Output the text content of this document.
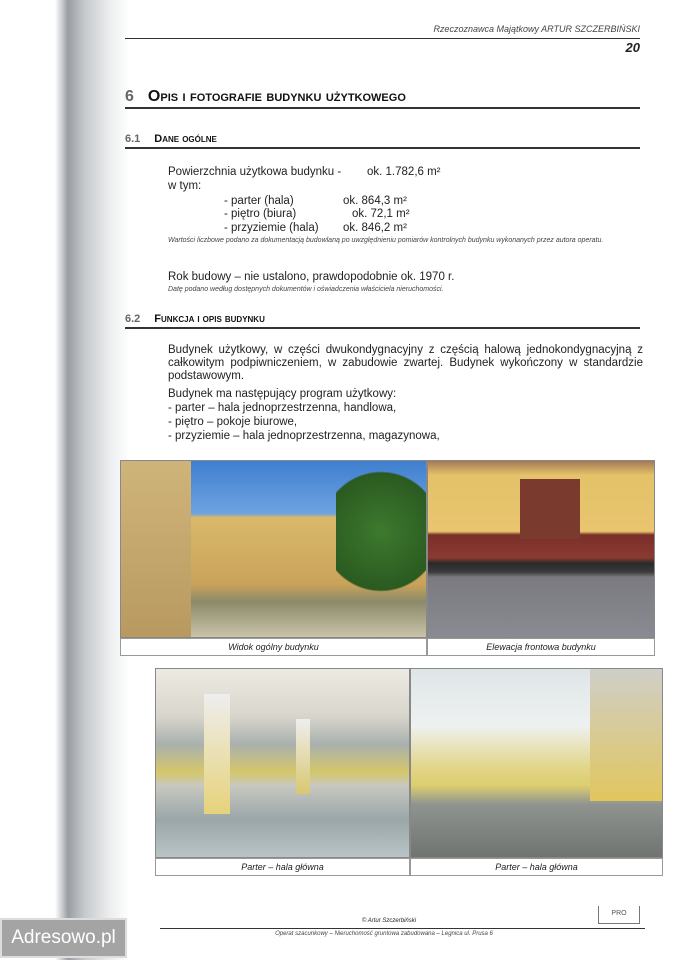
Rzeczoznawca Majątkowy ARTUR SZCZERBIŃSKI
20
6 Opis i fotografie budynku użytkowego
6.1 Dane ogólne
Powierzchnia użytkowa budynku - ok. 1.782,6 m²
w tym:
- parter (hala)	ok. 864,3 m²
- piętro (biura)	ok. 72,1 m²
- przyziemie (hala) ok. 846,2 m²
Wartości liczbowe podano za dokumentacją budowlaną po uwzględnieniu pomiarów kontrolnych budynku wykonanych przez autora operatu.
Rok budowy – nie ustalono, prawdopodobnie ok. 1970 r.
Datę podano według dostępnych dokumentów i oświadczenia właściciela nieruchomości.
6.2 Funkcja i opis budynku
Budynek użytkowy, w części dwukondygnacyjny z częścią halową jednokondygnacyjną z całkowitym podpiwniczeniem, w zabudowie zwartej. Budynek wykończony w standardzie podstawowym.
Budynek ma następujący program użytkowy:
- parter – hala jednoprzestrzenna, handlowa,
- piętro – pokoje biurowe,
- przyziemie – hala jednoprzestrzenna, magazynowa,
Widok ogólny budynku	Elewacja frontowa budynku
Parter – hala główna	Parter – hala główna
PRO
© Artur Szczerbiński
Operat szacunkowy – Nieruchomość gruntowa zabudowana – Legnica ul. Prusa 6
Adresowo.pl
